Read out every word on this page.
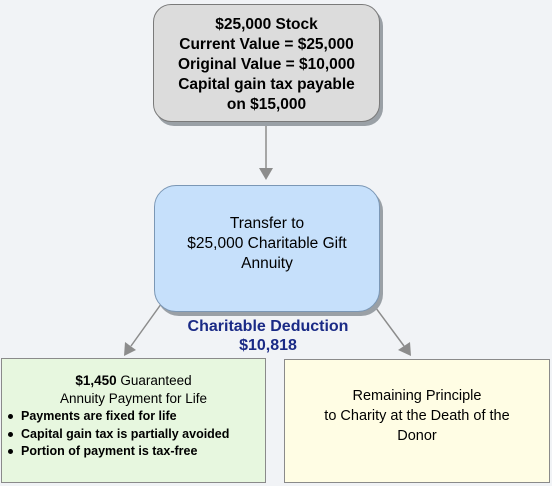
$25,000 Stock
Current Value = $25,000
Original Value = $10,000
Capital gain tax payable
on $15,000
Transfer to
$25,000 Charitable Gift
Annuity
Charitable Deduction
$10,818
$1,450 Guaranteed
Annuity Payment for Life
Payments are fixed for life
Capital gain tax is partially avoided
Portion of payment is tax-free
Remaining Principle
to Charity at the Death of the
Donor
